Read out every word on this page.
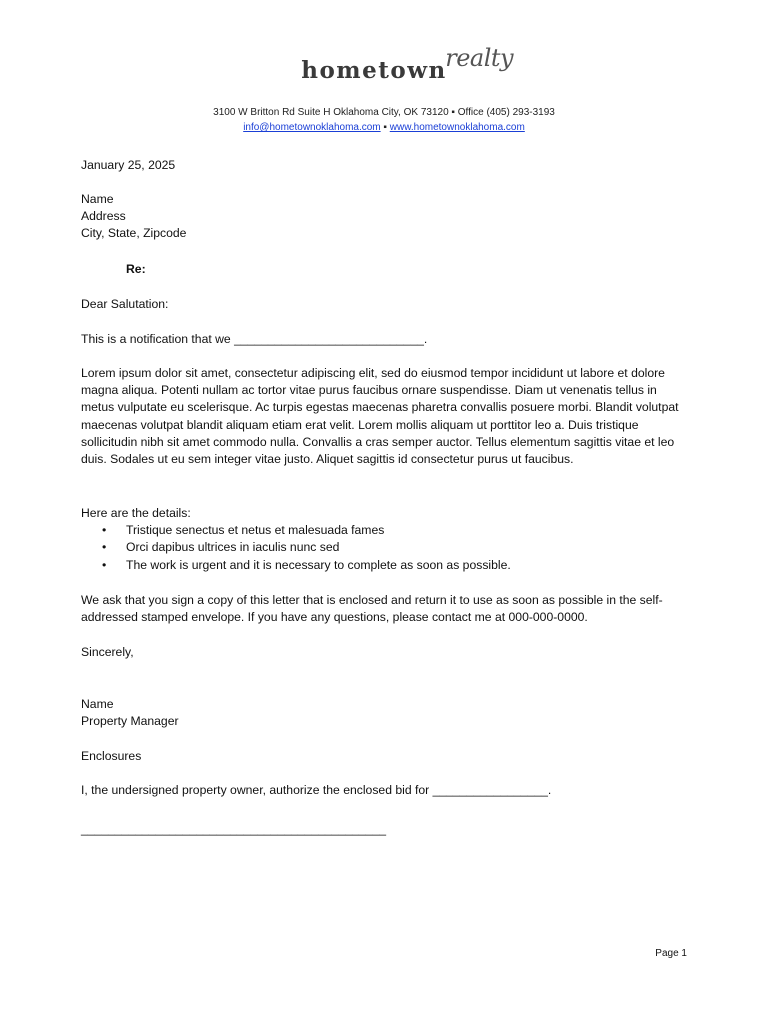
hometown
realty
3100 W Britton Rd Suite H Oklahoma City, OK 73120 ▪ Office (405) 293-3193
info@hometownoklahoma.com ▪ www.hometownoklahoma.com
January 25, 2025
Name
Address
City, State, Zipcode
Re:
Dear Salutation:
This is a notification that we ____________________________.
Lorem ipsum dolor sit amet, consectetur adipiscing elit, sed do eiusmod tempor incididunt ut labore et dolore magna aliqua. Potenti nullam ac tortor vitae purus faucibus ornare suspendisse. Diam ut venenatis tellus in metus vulputate eu scelerisque. Ac turpis egestas maecenas pharetra convallis posuere morbi. Blandit volutpat maecenas volutpat blandit aliquam etiam erat velit. Lorem mollis aliquam ut porttitor leo a. Duis tristique sollicitudin nibh sit amet commodo nulla. Convallis a cras semper auctor. Tellus elementum sagittis vitae et leo duis. Sodales ut eu sem integer vitae justo. Aliquet sagittis id consectetur purus ut faucibus.
Here are the details:
• Tristique senectus et netus et malesuada fames
• Orci dapibus ultrices in iaculis nunc sed
• The work is urgent and it is necessary to complete as soon as possible.
We ask that you sign a copy of this letter that is enclosed and return it to use as soon as possible in the self-addressed stamped envelope. If you have any questions, please contact me at 000-000-0000.
Sincerely,
Name
Property Manager
Enclosures
I, the undersigned property owner, authorize the enclosed bid for _________________.
_____________________________________________
Page 1
